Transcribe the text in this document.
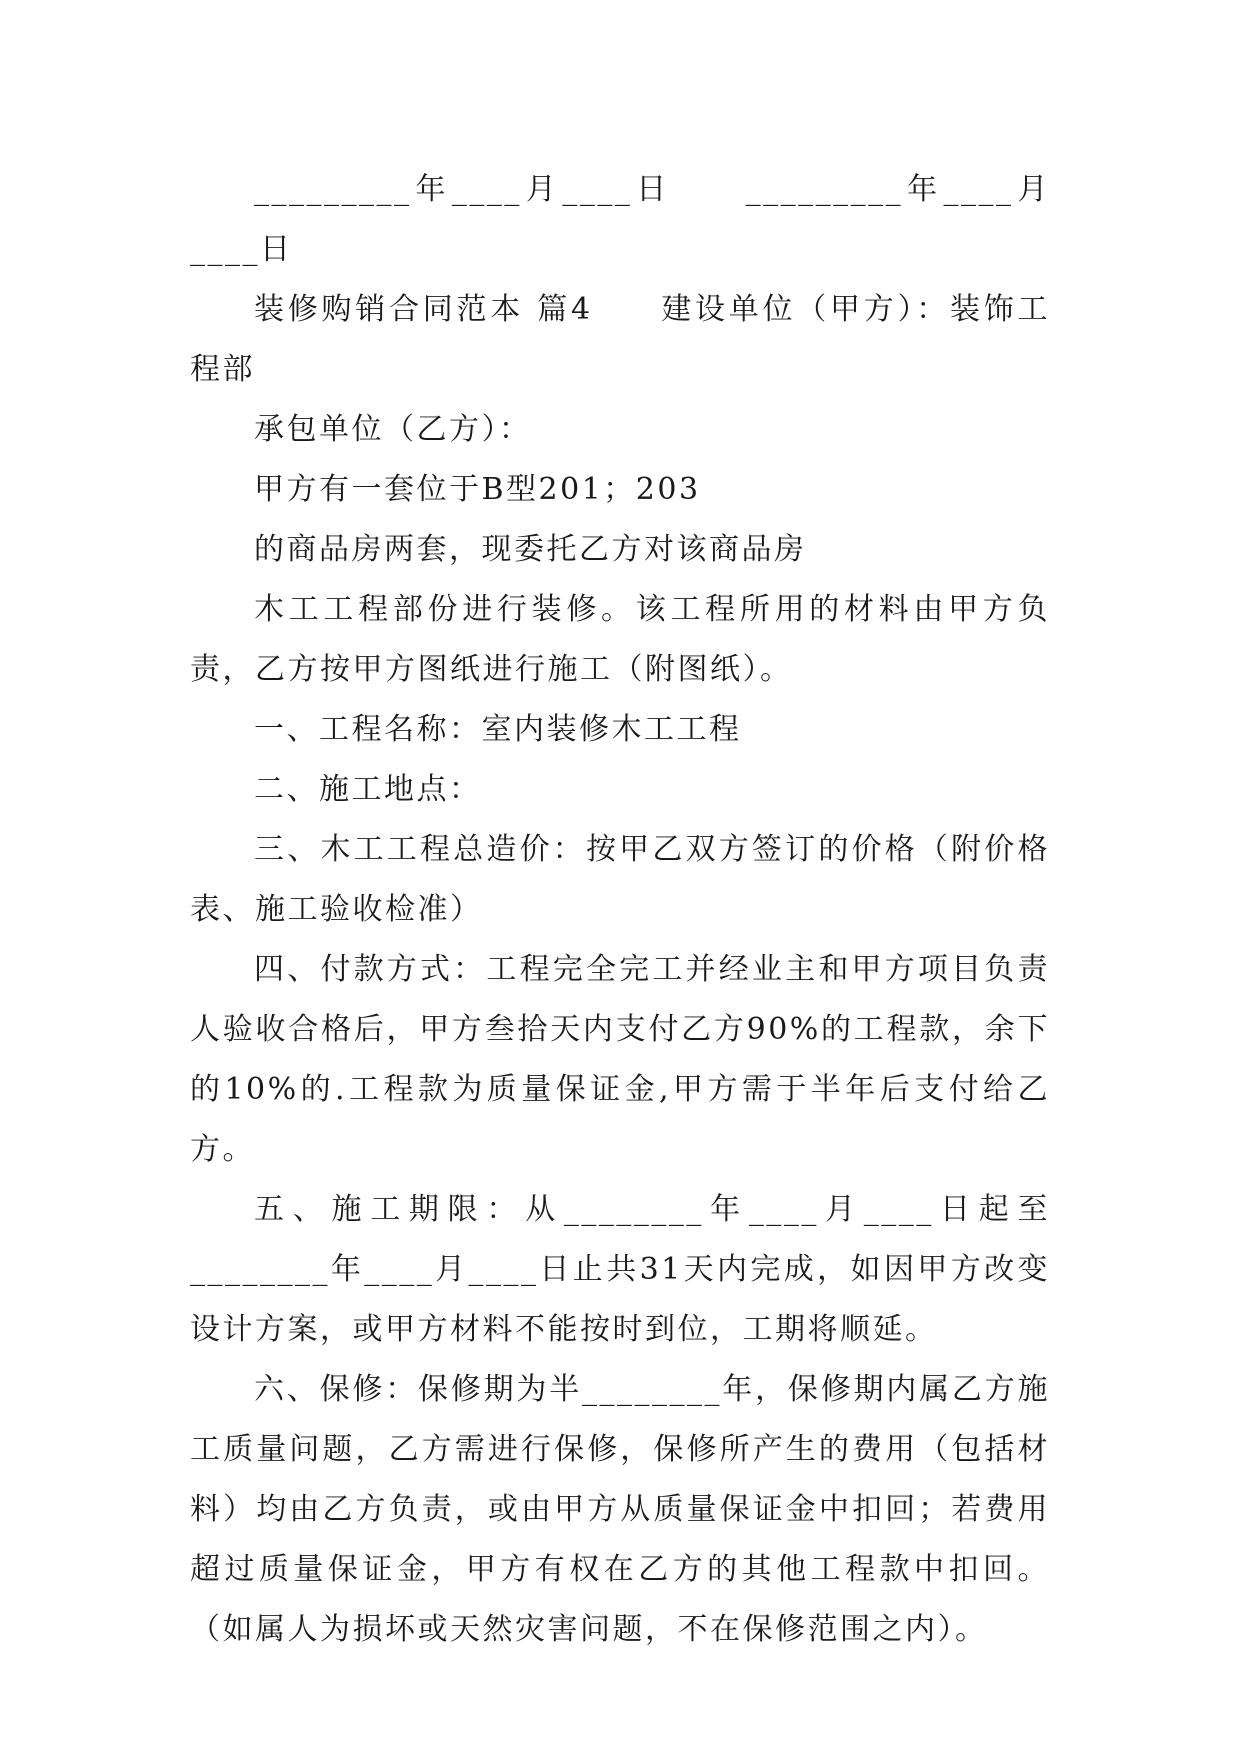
_________年____月____日　　_________年____月____日

装修购销合同范本 篇4　　建设单位（甲方）：装饰工程部

承包单位（乙方）：

甲方有一套位于B型201；203

的商品房两套，现委托乙方对该商品房

木工工程部份进行装修。该工程所用的材料由甲方负责，乙方按甲方图纸进行施工（附图纸）。

一、工程名称：室内装修木工工程

二、施工地点：

三、木工工程总造价：按甲乙双方签订的价格（附价格表、施工验收检准）

四、付款方式：工程完全完工并经业主和甲方项目负责人验收合格后，甲方叁拾天内支付乙方90%的工程款，余下的10%的.工程款为质量保证金,甲方需于半年后支付给乙方。

五、施工期限：从________年____月____日起至________年____月____日止共31天内完成，如因甲方改变设计方案，或甲方材料不能按时到位，工期将顺延。

六、保修：保修期为半________年，保修期内属乙方施工质量问题，乙方需进行保修，保修所产生的费用（包括材料）均由乙方负责，或由甲方从质量保证金中扣回；若费用超过质量保证金，甲方有权在乙方的其他工程款中扣回。（如属人为损坏或天然灾害问题，不在保修范围之内）。
